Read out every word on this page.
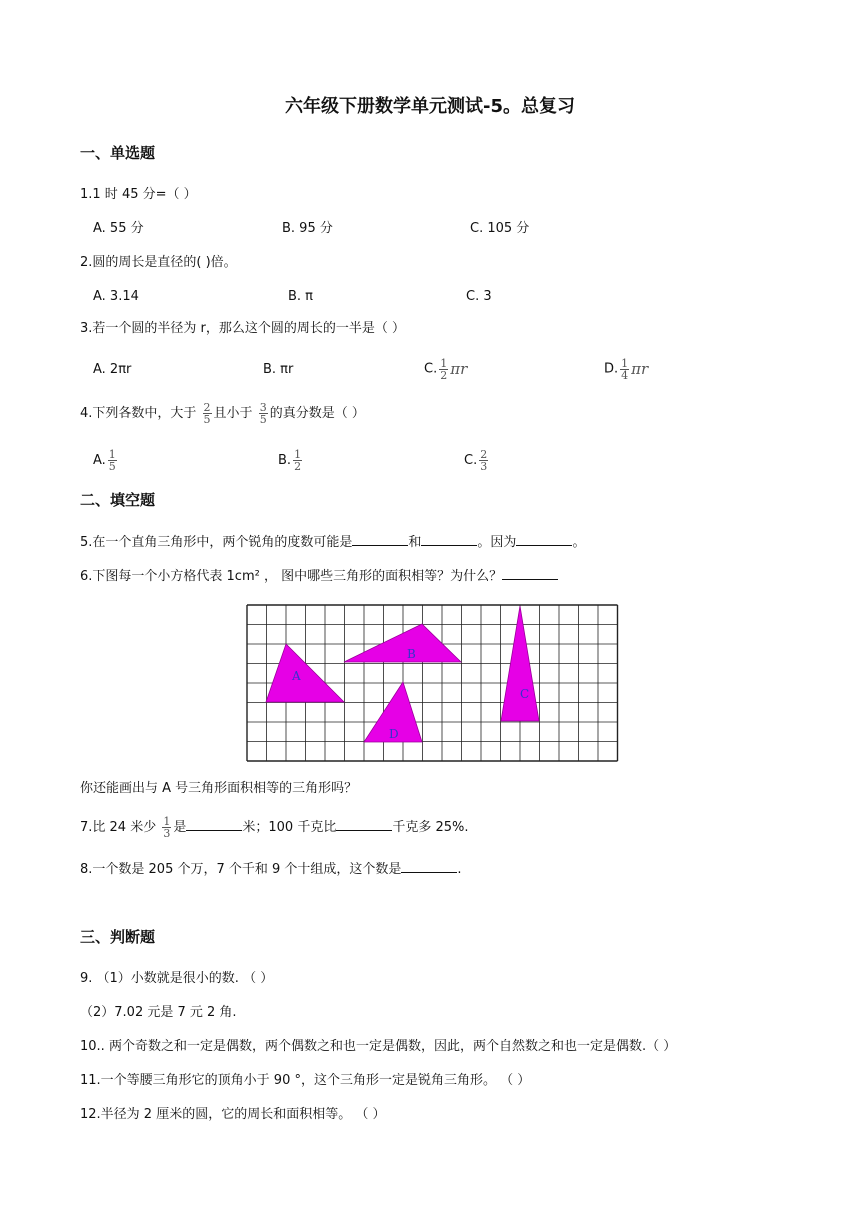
六年级下册数学单元测试-5。总复习
一、单选题
1.1 时 45 分=（ ）
A. 55 分	B. 95 分	C. 105 分
2.圆的周长是直径的( )倍。
A. 3.14	B. π	C. 3
3.若一个圆的半径为 r，那么这个圆的周长的一半是（ ）
A. 2πr	B. πr	C. $\frac{1}{2}$ πr	D. $\frac{1}{4}$ πr
4.下列各数中，大于 $\frac{2}{5}$ 且小于 $\frac{3}{5}$ 的真分数是（ ）
A. $\frac{1}{5}$	B. $\frac{1}{2}$	C. $\frac{2}{3}$
二、填空题
5.在一个直角三角形中，两个锐角的度数可能是	和	。因为	。
6.下图每一个小方格代表 1cm² ， 图中哪些三角形的面积相等？为什么？
A
B
C
D
你还能画出与 A 号三角形面积相等的三角形吗？
7.比 24 米少 $\frac{1}{3}$ 是	米；100 千克比	千克多 25%.
8.一个数是 205 个万，7 个千和 9 个十组成，这个数是	.
三、判断题
9. （1）小数就是很小的数. （ ）
（2）7.02 元是 7 元 2 角.
10.. 两个奇数之和一定是偶数，两个偶数之和也一定是偶数，因此，两个自然数之和也一定是偶数.（ ）
11.一个等腰三角形它的顶角小于 90 °，这个三角形一定是锐角三角形。 （ ）
12.半径为 2 厘米的圆，它的周长和面积相等。 （ ）
